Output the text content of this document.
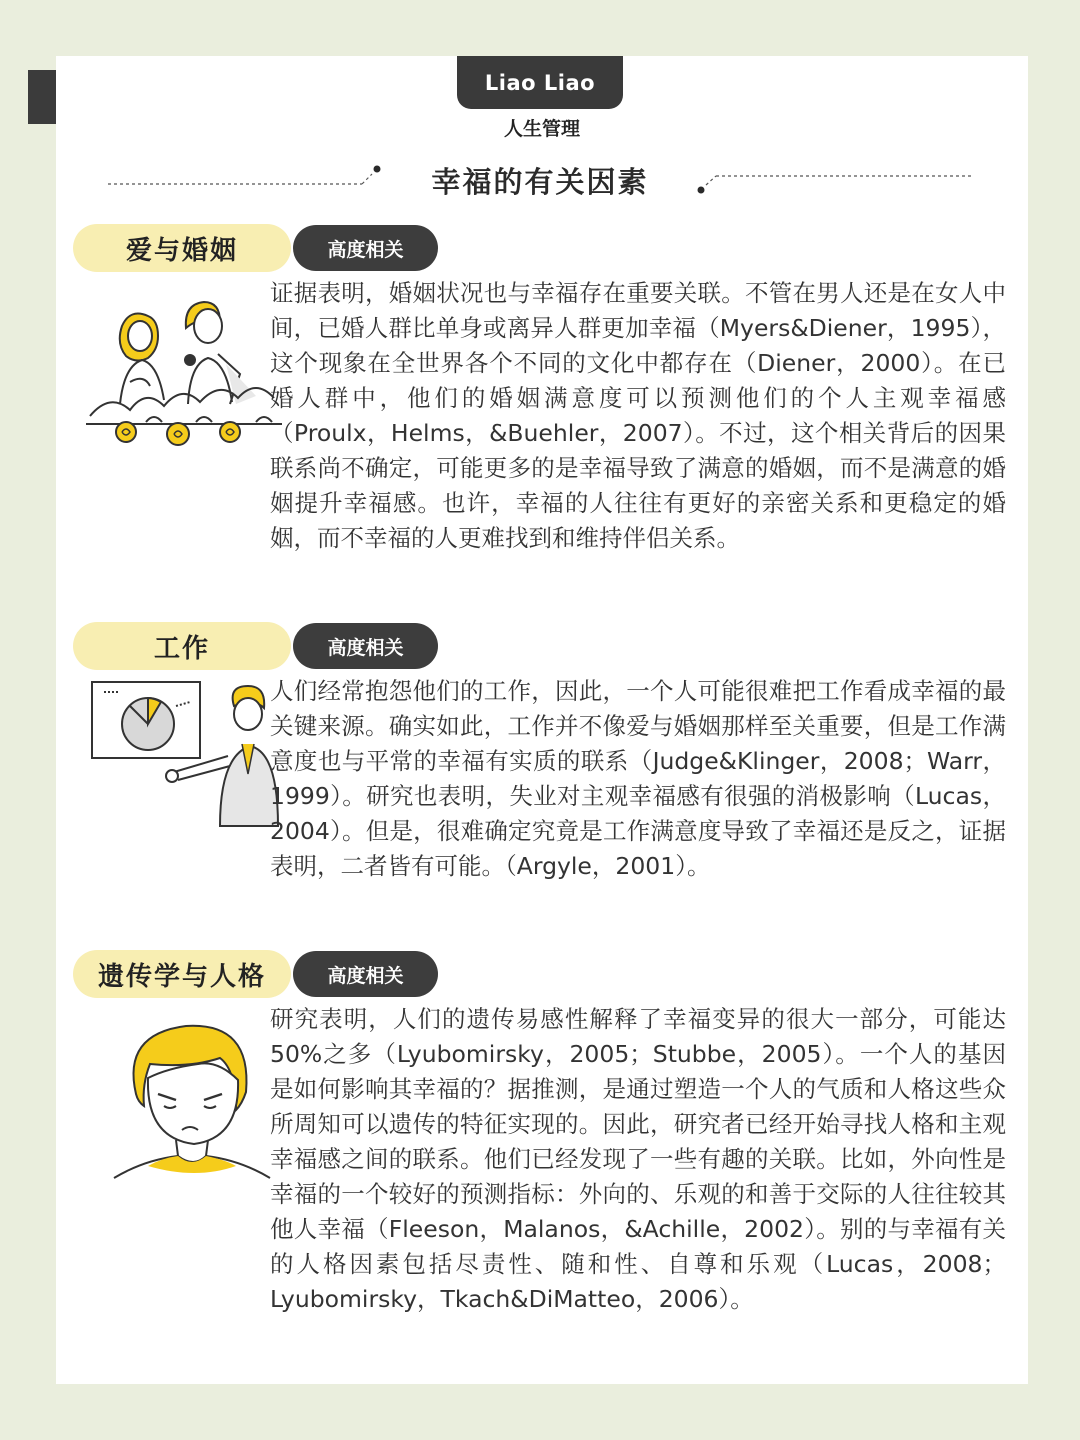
Liao Liao
人生管理
幸福的有关因素
爱与婚姻	高度相关
证据表明，婚姻状况也与幸福存在重要关联。不管在男人还是在女人中间，已婚人群比单身或离异人群更加幸福（Myers&Diener，1995），这个现象在全世界各个不同的文化中都存在（Diener，2000）。在已婚人群中，他们的婚姻满意度可以预测他们的个人主观幸福感（Proulx，Helms，&Buehler，2007）。不过，这个相关背后的因果联系尚不确定，可能更多的是幸福导致了满意的婚姻，而不是满意的婚姻提升幸福感。也许，幸福的人往往有更好的亲密关系和更稳定的婚姻，而不幸福的人更难找到和维持伴侣关系。
工作	高度相关
人们经常抱怨他们的工作，因此，一个人可能很难把工作看成幸福的最关键来源。确实如此，工作并不像爱与婚姻那样至关重要，但是工作满意度也与平常的幸福有实质的联系（Judge&Klinger，2008；Warr，1999）。研究也表明，失业对主观幸福感有很强的消极影响（Lucas，2004）。但是，很难确定究竟是工作满意度导致了幸福还是反之，证据表明，二者皆有可能。（Argyle，2001）。
遗传学与人格	高度相关
研究表明，人们的遗传易感性解释了幸福变异的很大一部分，可能达50%之多（Lyubomirsky，2005；Stubbe，2005）。一个人的基因是如何影响其幸福的？据推测，是通过塑造一个人的气质和人格这些众所周知可以遗传的特征实现的。因此，研究者已经开始寻找人格和主观幸福感之间的联系。他们已经发现了一些有趣的关联。比如，外向性是幸福的一个较好的预测指标：外向的、乐观的和善于交际的人往往较其他人幸福（Fleeson，Malanos，&Achille，2002）。别的与幸福有关的人格因素包括尽责性、随和性、自尊和乐观（Lucas，2008；Lyubomirsky，Tkach&DiMatteo，2006）。
